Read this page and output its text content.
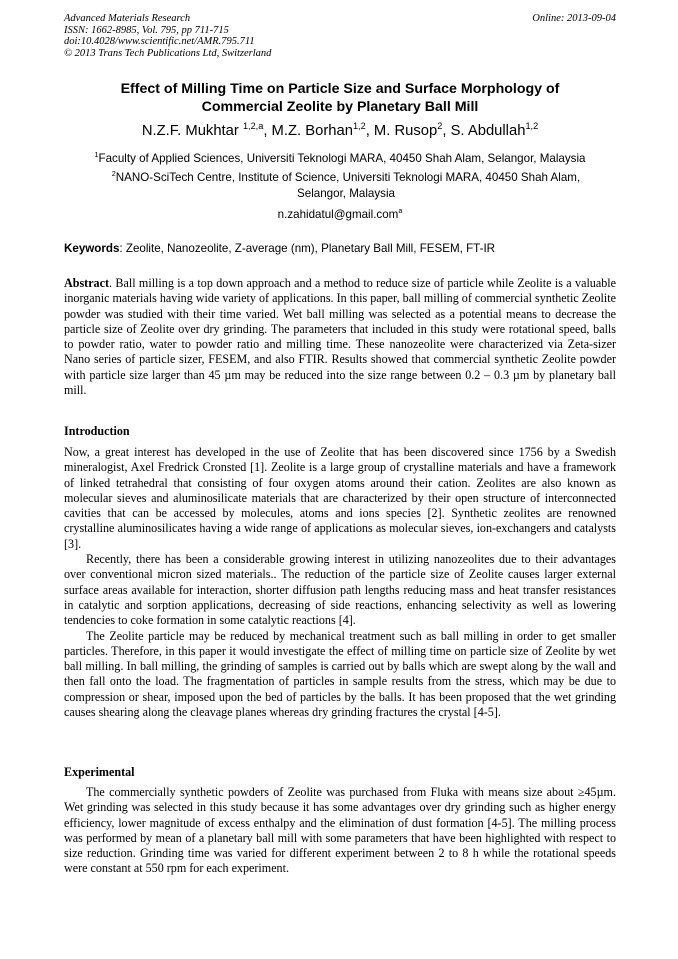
Advanced Materials Research
ISSN: 1662-8985, Vol. 795, pp 711-715
doi:10.4028/www.scientific.net/AMR.795.711
© 2013 Trans Tech Publications Ltd, Switzerland
Online: 2013-09-04
Effect of Milling Time on Particle Size and Surface Morphology of
Commercial Zeolite by Planetary Ball Mill
N.Z.F. Mukhtar $^{1,2,a}$, M.Z. Borhan$^{1,2}$, M. Rusop$^2$, S. Abdullah$^{1,2}$
$^1$Faculty of Applied Sciences, Universiti Teknologi MARA, 40450 Shah Alam, Selangor, Malaysia
$^2$NANO-SciTech Centre, Institute of Science, Universiti Teknologi MARA, 40450 Shah Alam, Selangor, Malaysia
n.zahidatul@gmail.com$^a$
Keywords: Zeolite, Nanozeolite, Z-average (nm), Planetary Ball Mill, FESEM, FT-IR

Abstract. Ball milling is a top down approach and a method to reduce size of particle while Zeolite is a valuable inorganic materials having wide variety of applications. In this paper, ball milling of commercial synthetic Zeolite powder was studied with their time varied. Wet ball milling was selected as a potential means to decrease the particle size of Zeolite over dry grinding. The parameters that included in this study were rotational speed, balls to powder ratio, water to powder ratio and milling time. These nanozeolite were characterized via Zeta-sizer Nano series of particle sizer, FESEM, and also FTIR. Results showed that commercial synthetic Zeolite powder with particle size larger than 45 µm may be reduced into the size range between 0.2 – 0.3 µm by planetary ball mill.

Introduction

Now, a great interest has developed in the use of Zeolite that has been discovered since 1756 by a Swedish mineralogist, Axel Fredrick Cronsted [1]. Zeolite is a large group of crystalline materials and have a framework of linked tetrahedral that consisting of four oxygen atoms around their cation. Zeolites are also known as molecular sieves and aluminosilicate materials that are characterized by their open structure of interconnected cavities that can be accessed by molecules, atoms and ions species [2]. Synthetic zeolites are renowned crystalline aluminosilicates having a wide range of applications as molecular sieves, ion-exchangers and catalysts [3].

Recently, there has been a considerable growing interest in utilizing nanozeolites due to their advantages over conventional micron sized materials.. The reduction of the particle size of Zeolite causes larger external surface areas available for interaction, shorter diffusion path lengths reducing mass and heat transfer resistances in catalytic and sorption applications, decreasing of side reactions, enhancing selectivity as well as lowering tendencies to coke formation in some catalytic reactions [4].

The Zeolite particle may be reduced by mechanical treatment such as ball milling in order to get smaller particles. Therefore, in this paper it would investigate the effect of milling time on particle size of Zeolite by wet ball milling. In ball milling, the grinding of samples is carried out by balls which are swept along by the wall and then fall onto the load. The fragmentation of particles in sample results from the stress, which may be due to compression or shear, imposed upon the bed of particles by the balls. It has been proposed that the wet grinding causes shearing along the cleavage planes whereas dry grinding fractures the crystal [4-5].

Experimental

The commercially synthetic powders of Zeolite was purchased from Fluka with means size about ≥45µm. Wet grinding was selected in this study because it has some advantages over dry grinding such as higher energy efficiency, lower magnitude of excess enthalpy and the elimination of dust formation [4-5]. The milling process was performed by mean of a planetary ball mill with some parameters that have been highlighted with respect to size reduction. Grinding time was varied for different experiment between 2 to 8 h while the rotational speeds were constant at 550 rpm for each experiment.
